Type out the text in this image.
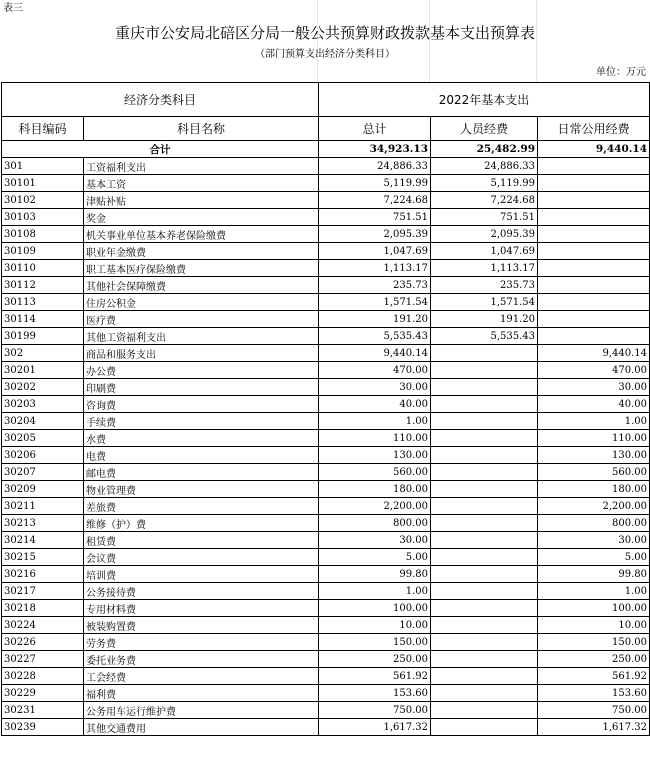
表三
重庆市公安局北碚区分局一般公共预算财政拨款基本支出预算表
（部门预算支出经济分类科目）
单位：万元
经济分类科目		2022年基本支出		
科目编码	科目名称	总计	人员经费	日常公用经费
合计		34,923.13	25,482.99	9,440.14
301	工资福利支出	24,886.33	24,886.33	
30101	基本工资	5,119.99	5,119.99	
30102	津贴补贴	7,224.68	7,224.68	
30103	奖金	751.51	751.51	
30108	机关事业单位基本养老保险缴费	2,095.39	2,095.39	
30109	职业年金缴费	1,047.69	1,047.69	
30110	职工基本医疗保险缴费	1,113.17	1,113.17	
30112	其他社会保障缴费	235.73	235.73	
30113	住房公积金	1,571.54	1,571.54	
30114	医疗费	191.20	191.20	
30199	其他工资福利支出	5,535.43	5,535.43	
302	商品和服务支出	9,440.14		9,440.14
30201	办公费	470.00		470.00
30202	印刷费	30.00		30.00
30203	咨询费	40.00		40.00
30204	手续费	1.00		1.00
30205	水费	110.00		110.00
30206	电费	130.00		130.00
30207	邮电费	560.00		560.00
30209	物业管理费	180.00		180.00
30211	差旅费	2,200.00		2,200.00
30213	维修（护）费	800.00		800.00
30214	租赁费	30.00		30.00
30215	会议费	5.00		5.00
30216	培训费	99.80		99.80
30217	公务接待费	1.00		1.00
30218	专用材料费	100.00		100.00
30224	被装购置费	10.00		10.00
30226	劳务费	150.00		150.00
30227	委托业务费	250.00		250.00
30228	工会经费	561.92		561.92
30229	福利费	153.60		153.60
30231	公务用车运行维护费	750.00		750.00
30239	其他交通费用	1,617.32		1,617.32
